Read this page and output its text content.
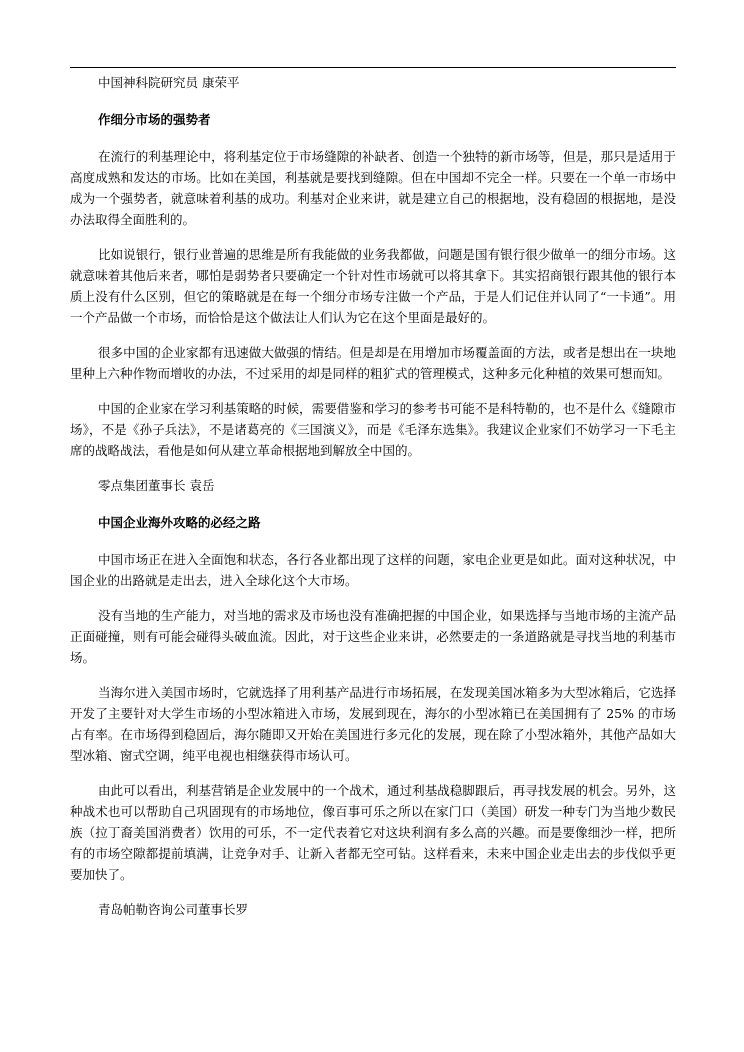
中国神科院研究员 康荣平

作细分市场的强势者

在流行的利基理论中，将利基定位于市场缝隙的补缺者、创造一个独特的新市场等，但是，那只是适用于高度成熟和发达的市场。比如在美国，利基就是要找到缝隙。但在中国却不完全一样。只要在一个单一市场中成为一个强势者，就意味着利基的成功。利基对企业来讲，就是建立自己的根据地，没有稳固的根据地，是没办法取得全面胜利的。

比如说银行，银行业普遍的思维是所有我能做的业务我都做，问题是国有银行很少做单一的细分市场。这就意味着其他后来者，哪怕是弱势者只要确定一个针对性市场就可以将其拿下。其实招商银行跟其他的银行本质上没有什么区别，但它的策略就是在每一个细分市场专注做一个产品，于是人们记住并认同了“一卡通”。用一个产品做一个市场，而恰恰是这个做法让人们认为它在这个里面是最好的。

很多中国的企业家都有迅速做大做强的情结。但是却是在用增加市场覆盖面的方法，或者是想出在一块地里种上六种作物而增收的办法，不过采用的却是同样的粗犷式的管理模式，这种多元化种植的效果可想而知。

中国的企业家在学习利基策略的时候，需要借鉴和学习的参考书可能不是科特勒的，也不是什么《缝隙市场》，不是《孙子兵法》，不是诸葛亮的《三国演义》，而是《毛泽东选集》。我建议企业家们不妨学习一下毛主席的战略战法，看他是如何从建立革命根据地到解放全中国的。

零点集团董事长 袁岳

中国企业海外攻略的必经之路

中国市场正在进入全面饱和状态，各行各业都出现了这样的问题，家电企业更是如此。面对这种状况，中国企业的出路就是走出去，进入全球化这个大市场。

没有当地的生产能力，对当地的需求及市场也没有准确把握的中国企业，如果选择与当地市场的主流产品正面碰撞，则有可能会碰得头破血流。因此，对于这些企业来讲，必然要走的一条道路就是寻找当地的利基市场。

当海尔进入美国市场时，它就选择了用利基产品进行市场拓展，在发现美国冰箱多为大型冰箱后，它选择开发了主要针对大学生市场的小型冰箱进入市场，发展到现在，海尔的小型冰箱已在美国拥有了 25% 的市场占有率。在市场得到稳固后，海尔随即又开始在美国进行多元化的发展，现在除了小型冰箱外，其他产品如大型冰箱、窗式空调，纯平电视也相继获得市场认可。

由此可以看出，利基营销是企业发展中的一个战术，通过利基战稳脚跟后，再寻找发展的机会。另外，这种战术也可以帮助自己巩固现有的市场地位，像百事可乐之所以在家门口（美国）研发一种专门为当地少数民族（拉丁裔美国消费者）饮用的可乐，不一定代表着它对这块利润有多么高的兴趣。而是要像细沙一样，把所有的市场空隙都提前填满，让竞争对手、让新入者都无空可钻。这样看来，未来中国企业走出去的步伐似乎更要加快了。

青岛帕勒咨询公司董事长罗
